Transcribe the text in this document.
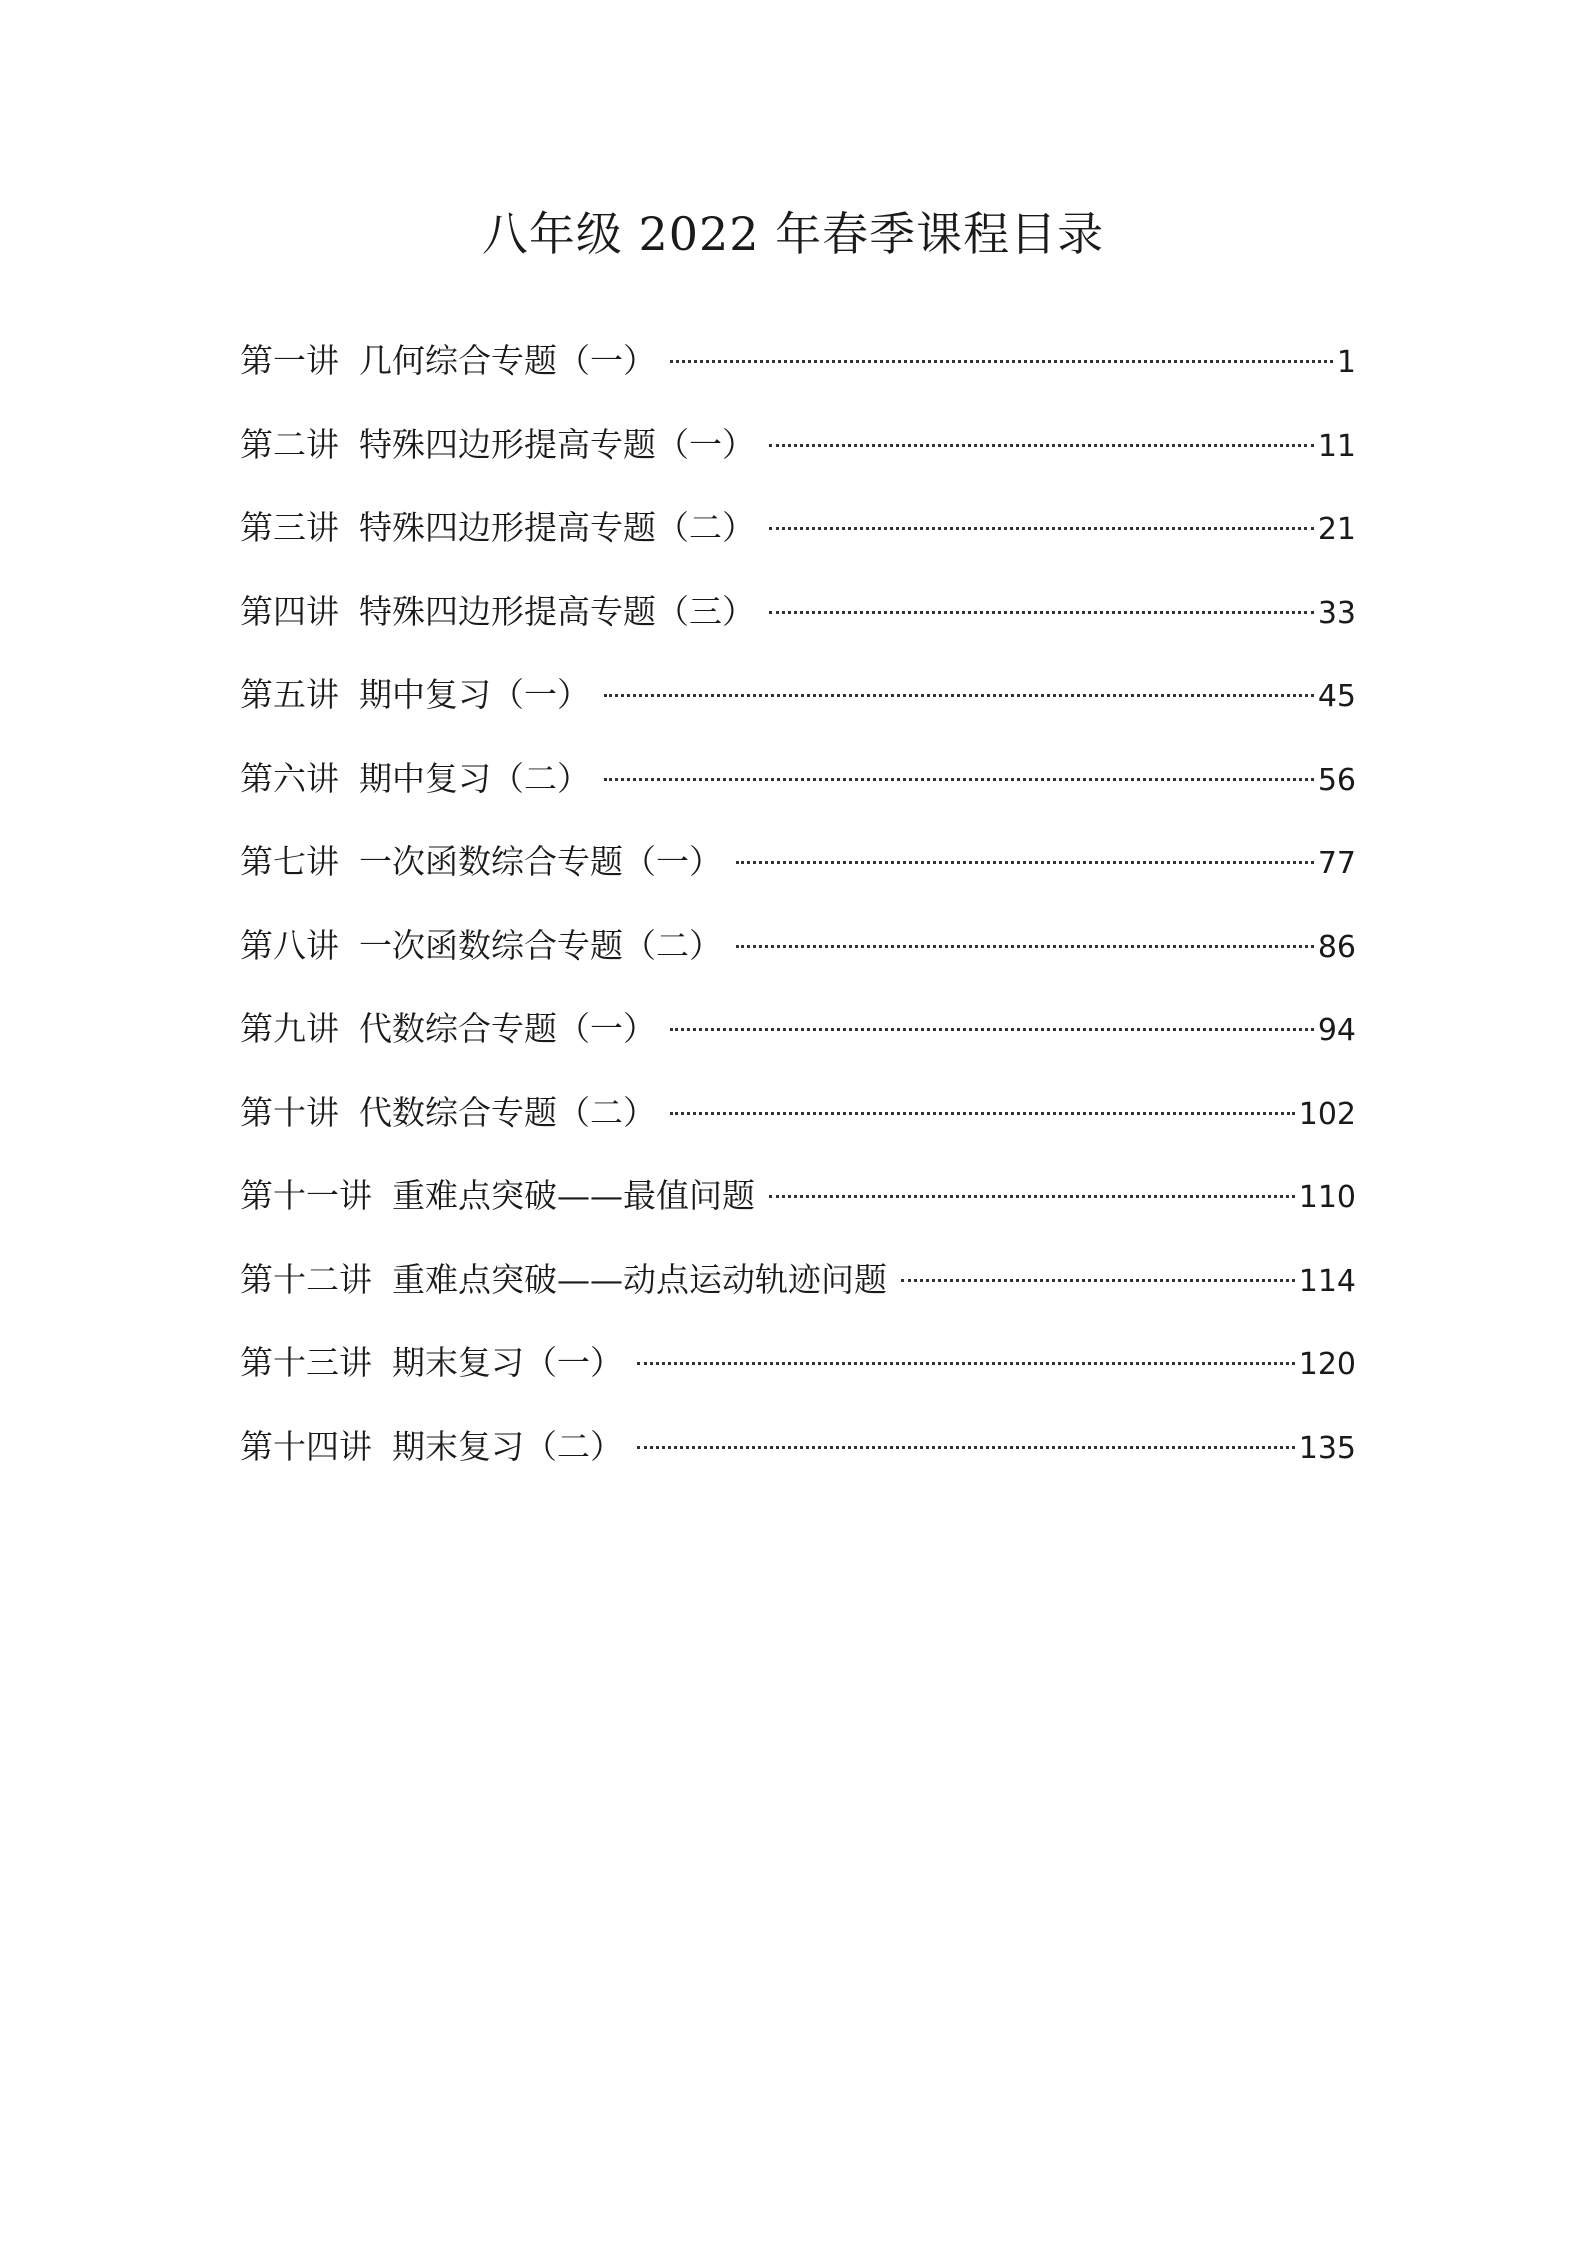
八年级 2022 年春季课程目录
第一讲 几何综合专题（一）	1
第二讲 特殊四边形提高专题（一）	11
第三讲 特殊四边形提高专题（二）	21
第四讲 特殊四边形提高专题（三）	33
第五讲 期中复习（一）	45
第六讲 期中复习（二）	56
第七讲 一次函数综合专题（一）	77
第八讲 一次函数综合专题（二）	86
第九讲 代数综合专题（一）	94
第十讲 代数综合专题（二）	102
第十一讲 重难点突破——最值问题	110
第十二讲 重难点突破——动点运动轨迹问题	114
第十三讲 期末复习（一）	120
第十四讲 期末复习（二）	135
